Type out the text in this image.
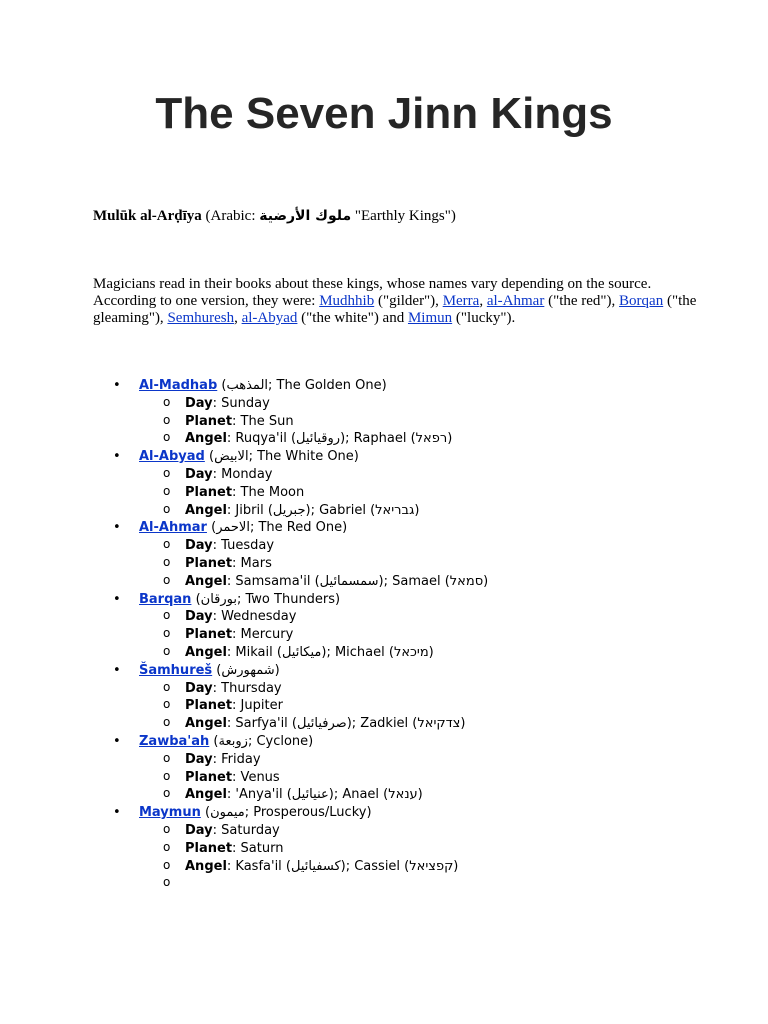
The Seven Jinn Kings

Mulūk al-Arḍīya (Arabic: ملوك الأرضية "Earthly Kings")

Magicians read in their books about these kings, whose names vary depending on the source. According to one version, they were: Mudhhib ("gilder"), Merra, al-Ahmar ("the red"), Borqan ("the gleaming"), Semhuresh, al-Abyad ("the white") and Mimun ("lucky").

• Al-Madhab (المذهب; The Golden One)
o Day: Sunday
o Planet: The Sun
o Angel: Ruqya'il (روقيائيل); Raphael (רפאל)
• Al-Abyad (الابيض; The White One)
o Day: Monday
o Planet: The Moon
o Angel: Jibril (جبريل); Gabriel (גבריאל)
• Al-Ahmar (الاحمر; The Red One)
o Day: Tuesday
o Planet: Mars
o Angel: Samsama'il (سمسمائيل); Samael (סמאל)
• Barqan (بورقان; Two Thunders)
o Day: Wednesday
o Planet: Mercury
o Angel: Mikail (ميكائيل); Michael (מיכאל)
• Šamhureš (شمهورش)
o Day: Thursday
o Planet: Jupiter
o Angel: Sarfya'il (صرفيائيل); Zadkiel (צדקיאל)
• Zawba'ah (زوبعة; Cyclone)
o Day: Friday
o Planet: Venus
o Angel: 'Anya'il (عنيائيل); Anael (ענאל)
• Maymun (ميمون; Prosperous/Lucky)
o Day: Saturday
o Planet: Saturn
o Angel: Kasfa'il (كسفيائيل); Cassiel (קפציאל)
o
